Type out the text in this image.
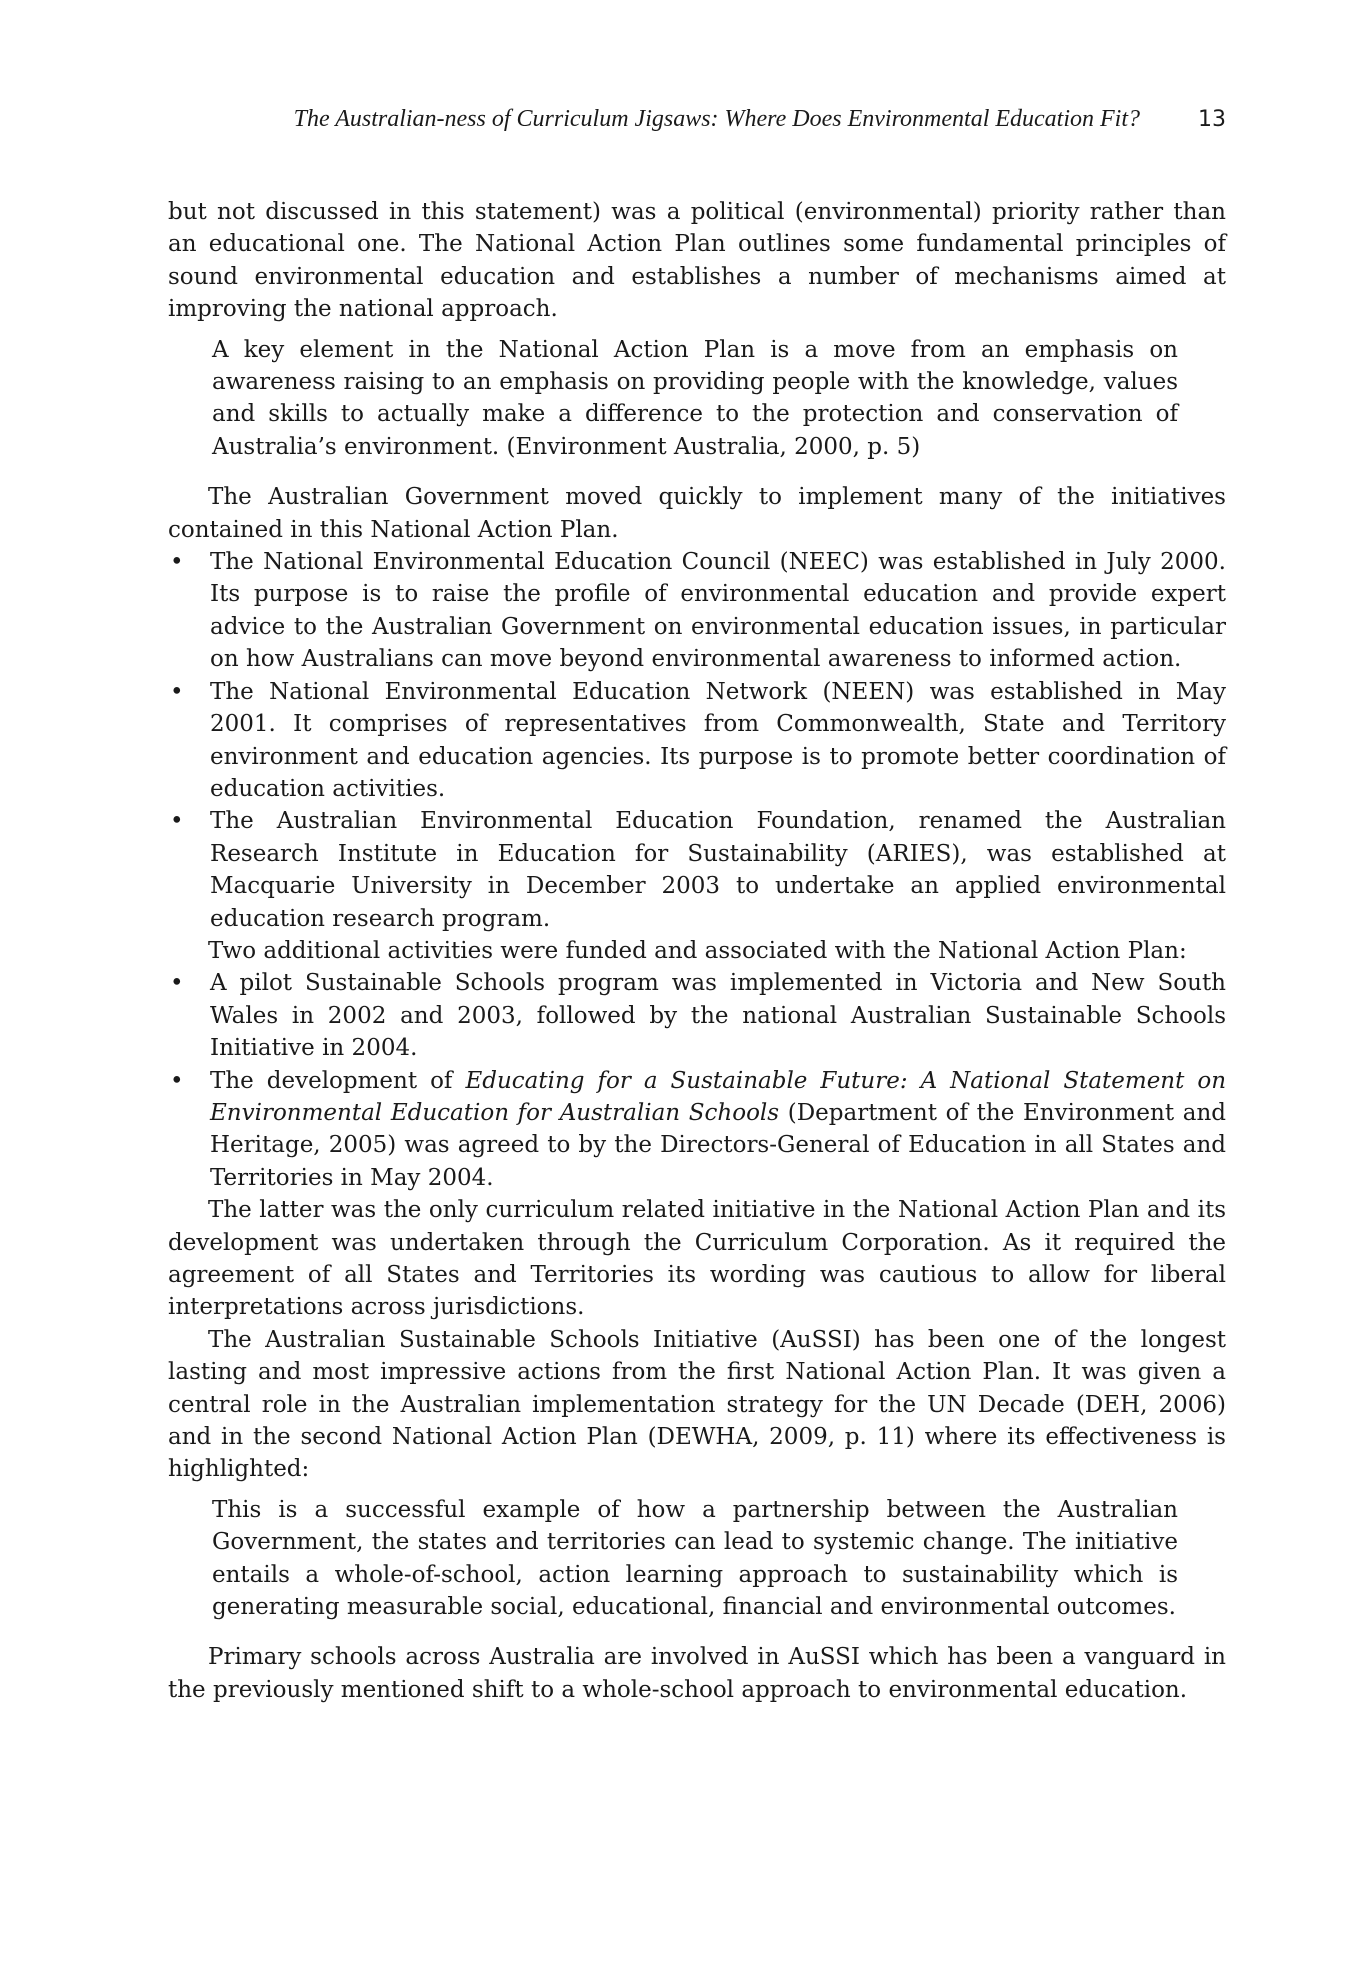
The Australian-ness of Curriculum Jigsaws: Where Does Environmental Education Fit?	13

but not discussed in this statement) was a political (environmental) priority rather than an educational one. The National Action Plan outlines some fundamental principles of sound environmental education and establishes a number of mechanisms aimed at improving the national approach.

A key element in the National Action Plan is a move from an emphasis on awareness raising to an emphasis on providing people with the knowledge, values and skills to actually make a difference to the protection and conservation of Australia’s environment. (Environment Australia, 2000, p. 5)

The Australian Government moved quickly to implement many of the initiatives contained in this National Action Plan.

• The National Environmental Education Council (NEEC) was established in July 2000. Its purpose is to raise the profile of environmental education and provide expert advice to the Australian Government on environmental education issues, in particular on how Australians can move beyond environmental awareness to informed action.
• The National Environmental Education Network (NEEN) was established in May 2001. It comprises of representatives from Commonwealth, State and Territory environment and education agencies. Its purpose is to promote better coordination of education activities.
• The Australian Environmental Education Foundation, renamed the Australian Research Institute in Education for Sustainability (ARIES), was established at Macquarie University in December 2003 to undertake an applied environmental education research program.

Two additional activities were funded and associated with the National Action Plan:

• A pilot Sustainable Schools program was implemented in Victoria and New South Wales in 2002 and 2003, followed by the national Australian Sustainable Schools Initiative in 2004.
• The development of Educating for a Sustainable Future: A National Statement on Environmental Education for Australian Schools (Department of the Environment and Heritage, 2005) was agreed to by the Directors-General of Education in all States and Territories in May 2004.

The latter was the only curriculum related initiative in the National Action Plan and its development was undertaken through the Curriculum Corporation. As it required the agreement of all States and Territories its wording was cautious to allow for liberal interpretations across jurisdictions.

The Australian Sustainable Schools Initiative (AuSSI) has been one of the longest lasting and most impressive actions from the first National Action Plan. It was given a central role in the Australian implementation strategy for the UN Decade (DEH, 2006) and in the second National Action Plan (DEWHA, 2009, p. 11) where its effectiveness is highlighted:

This is a successful example of how a partnership between the Australian Government, the states and territories can lead to systemic change. The initiative entails a whole-of-school, action learning approach to sustainability which is generating measurable social, educational, financial and environmental outcomes.

Primary schools across Australia are involved in AuSSI which has been a vanguard in the previously mentioned shift to a whole-school approach to environmental education.
